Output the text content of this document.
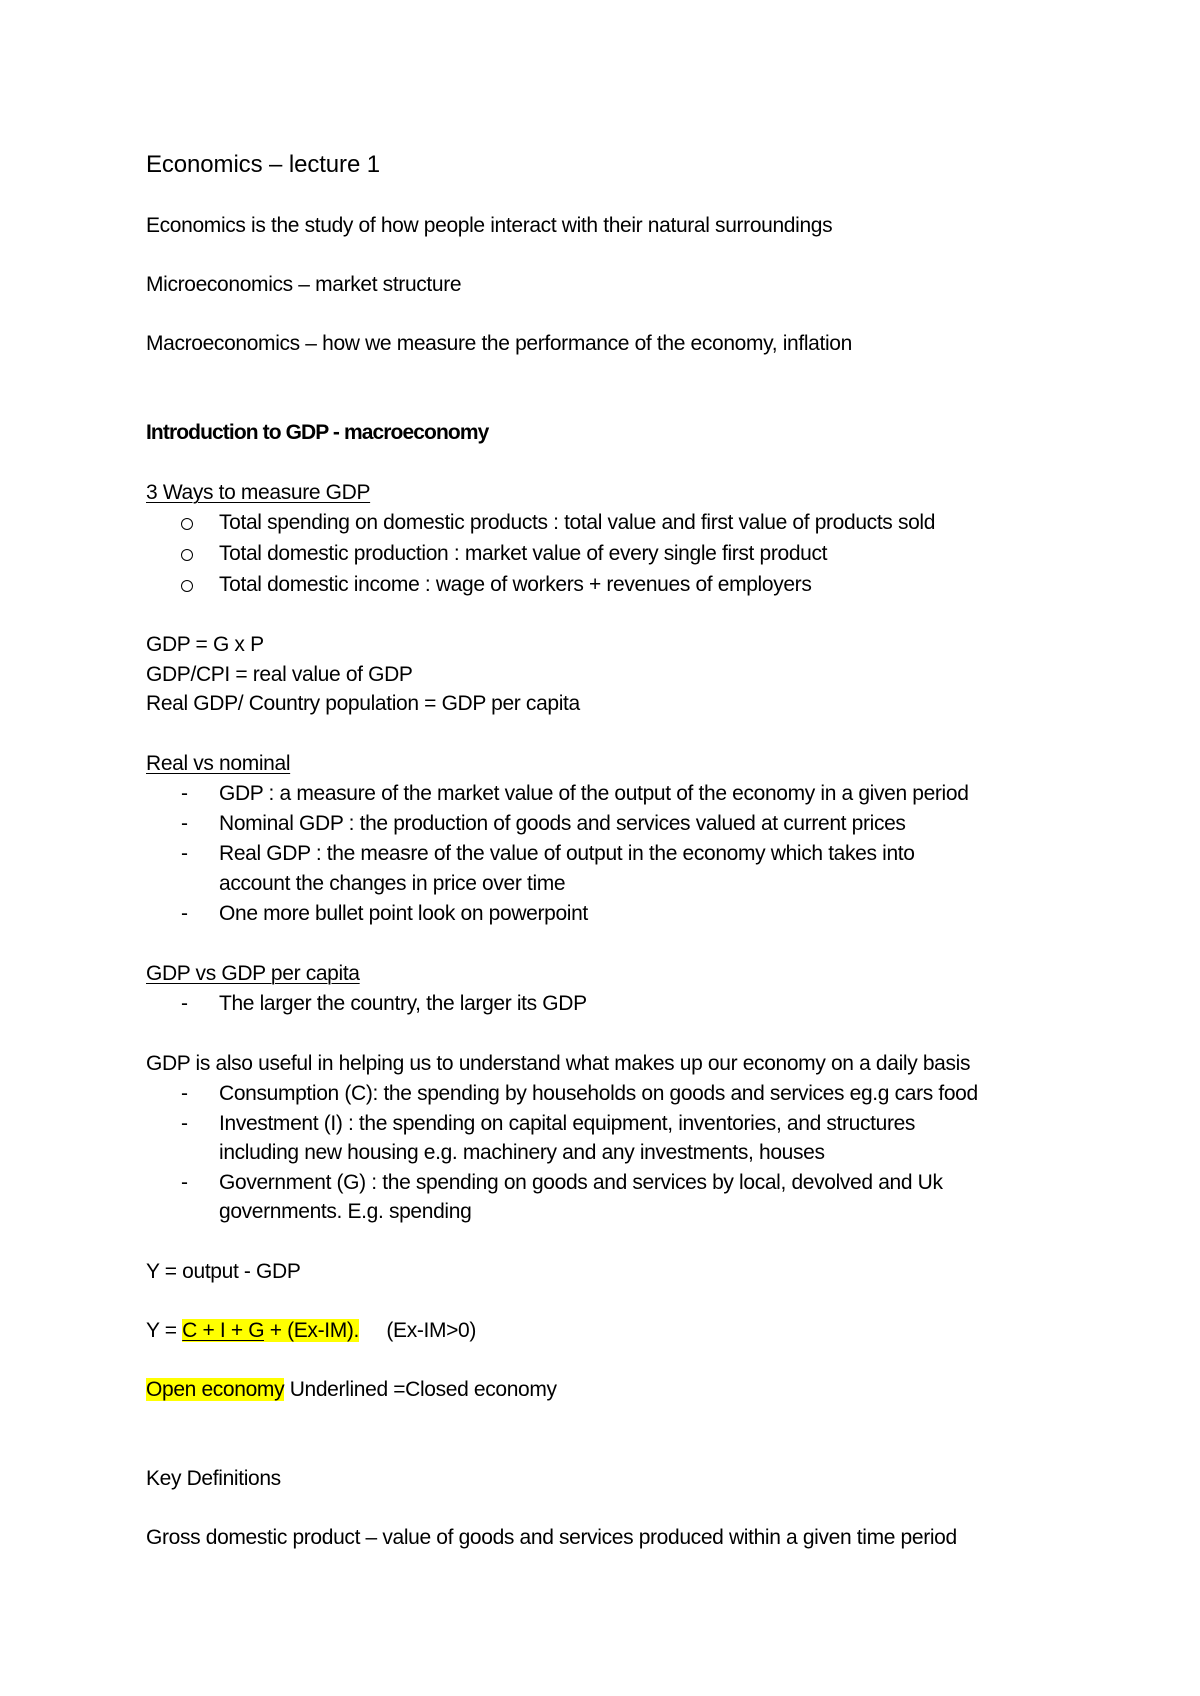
Economics – lecture 1
Economics is the study of how people interact with their natural surroundings
Microeconomics – market structure
Macroeconomics – how we measure the performance of the economy, inflation
Introduction to GDP - macroeconomy
3 Ways to measure GDP
Total spending on domestic products : total value and first value of products sold
Total domestic production : market value of every single first product
Total domestic income : wage of workers + revenues of employers
GDP = G x P
GDP/CPI = real value of GDP
Real GDP/ Country population = GDP per capita
Real vs nominal
- GDP : a measure of the market value of the output of the economy in a given period
- Nominal GDP : the production of goods and services valued at current prices
- Real GDP : the measre of the value of output in the economy which takes into
account the changes in price over time
- One more bullet point look on powerpoint
GDP vs GDP per capita
- The larger the country, the larger its GDP
GDP is also useful in helping us to understand what makes up our economy on a daily basis
- Consumption (C): the spending by households on goods and services eg.g cars food
- Investment (I) : the spending on capital equipment, inventories, and structures
including new housing e.g. machinery and any investments, houses
- Government (G) : the spending on goods and services by local, devolved and Uk
governments. E.g. spending
Y = output - GDP
Y = C + I + G + (Ex-IM).     (Ex-IM>0)
Open economy Underlined =Closed economy
Key Definitions
Gross domestic product – value of goods and services produced within a given time period
